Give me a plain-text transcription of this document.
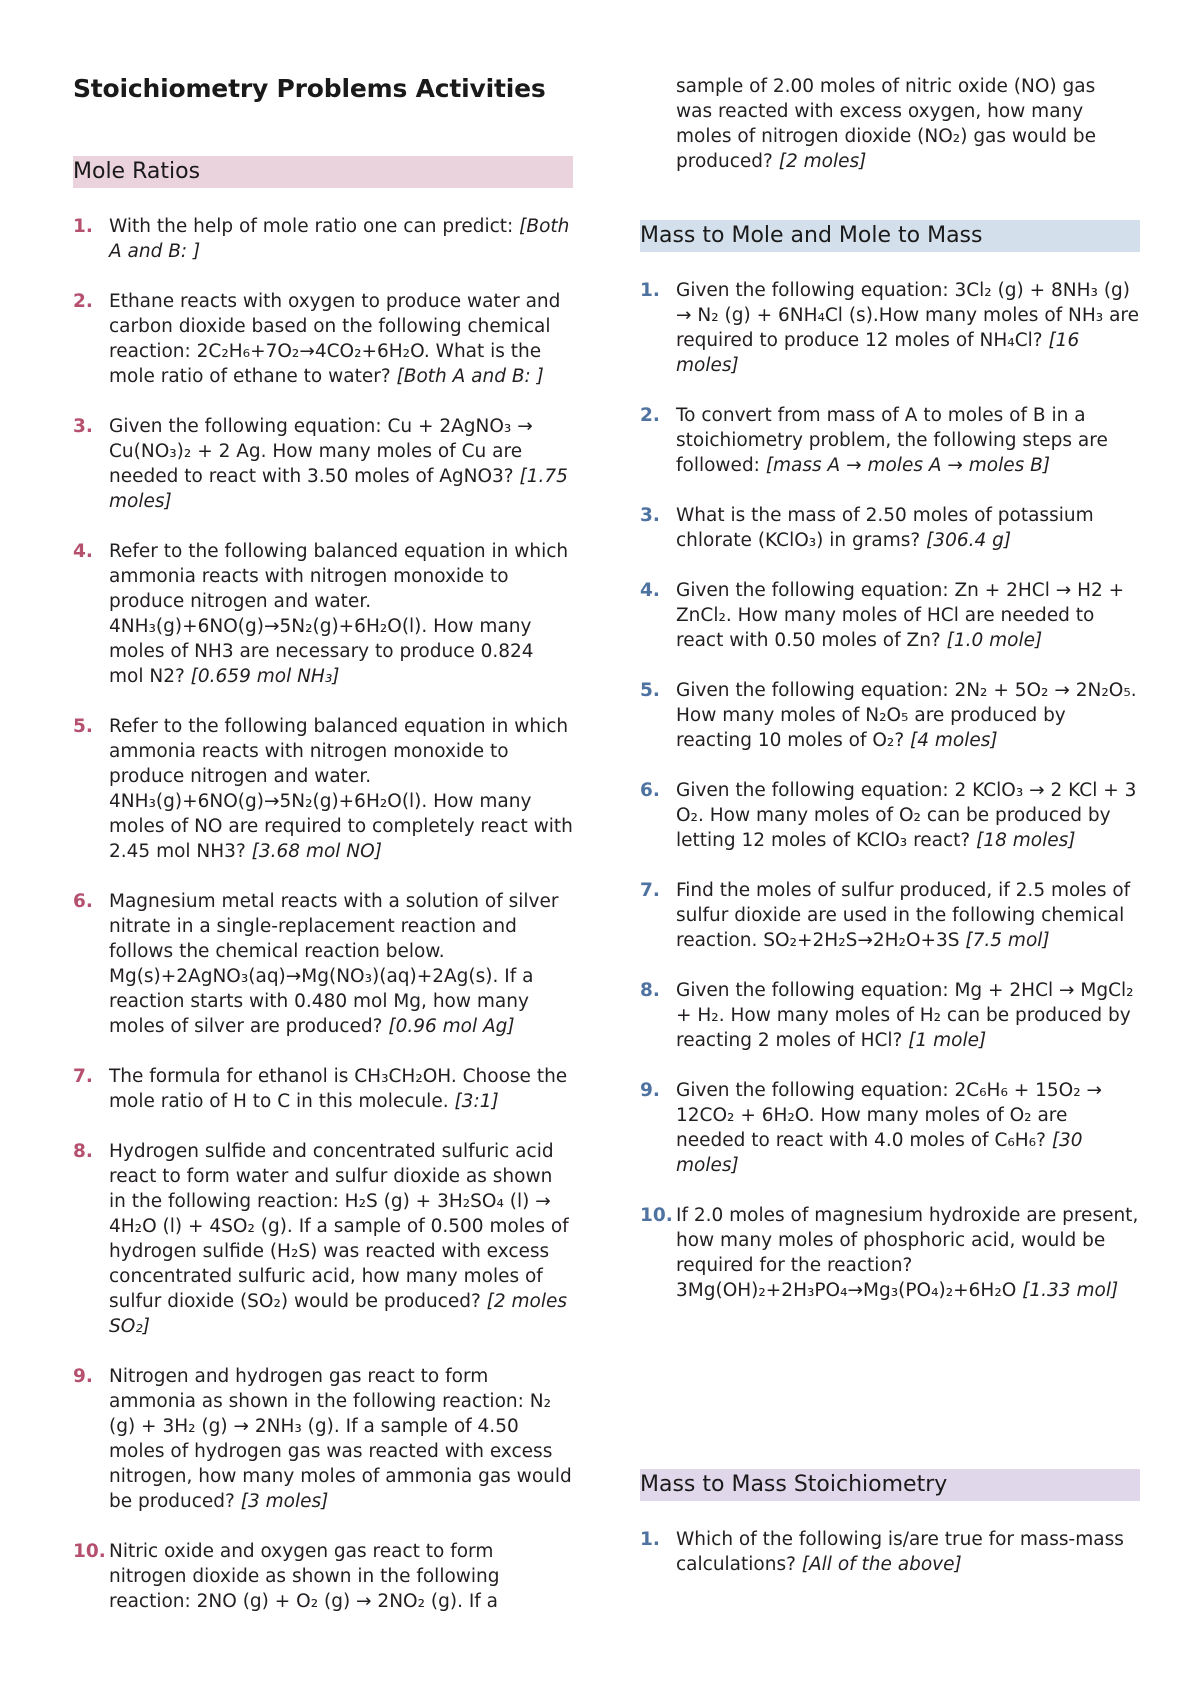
Stoichiometry Problems Activities
Mole Ratios
1. With the help of mole ratio one can predict: [Both A and B: ]
2. Ethane reacts with oxygen to produce water and carbon dioxide based on the following chemical reaction: 2C₂H₆+7O₂→4CO₂+6H₂O. What is the mole ratio of ethane to water? [Both A and B: ]
3. Given the following equation: Cu + 2AgNO₃ → Cu(NO₃)₂ + 2 Ag. How many moles of Cu are needed to react with 3.50 moles of AgNO3? [1.75 moles]
4. Refer to the following balanced equation in which ammonia reacts with nitrogen monoxide to produce nitrogen and water. 4NH₃(g)+6NO(g)→5N₂(g)+6H₂O(l). How many moles of NH3 are necessary to produce 0.824 mol N2? [0.659 mol NH₃]
5. Refer to the following balanced equation in which ammonia reacts with nitrogen monoxide to produce nitrogen and water. 4NH₃(g)+6NO(g)→5N₂(g)+6H₂O(l). How many moles of NO are required to completely react with 2.45 mol NH3? [3.68 mol NO]
6. Magnesium metal reacts with a solution of silver nitrate in a single-replacement reaction and follows the chemical reaction below. Mg(s)+2AgNO₃(aq)→Mg(NO₃)(aq)+2Ag(s). If a reaction starts with 0.480 mol Mg, how many moles of silver are produced? [0.96 mol Ag]
7. The formula for ethanol is CH₃CH₂OH. Choose the mole ratio of H to C in this molecule. [3:1]
8. Hydrogen sulfide and concentrated sulfuric acid react to form water and sulfur dioxide as shown in the following reaction: H₂S (g) + 3H₂SO₄ (l) → 4H₂O (l) + 4SO₂ (g). If a sample of 0.500 moles of hydrogen sulfide (H₂S) was reacted with excess concentrated sulfuric acid, how many moles of sulfur dioxide (SO₂) would be produced? [2 moles SO₂]
9. Nitrogen and hydrogen gas react to form ammonia as shown in the following reaction: N₂ (g) + 3H₂ (g) → 2NH₃ (g). If a sample of 4.50 moles of hydrogen gas was reacted with excess nitrogen, how many moles of ammonia gas would be produced? [3 moles]
10. Nitric oxide and oxygen gas react to form nitrogen dioxide as shown in the following reaction: 2NO (g) + O₂ (g) → 2NO₂ (g). If a
sample of 2.00 moles of nitric oxide (NO) gas was reacted with excess oxygen, how many moles of nitrogen dioxide (NO₂) gas would be produced? [2 moles]
Mass to Mole and Mole to Mass
1. Given the following equation: 3Cl₂ (g) + 8NH₃ (g) → N₂ (g) + 6NH₄Cl (s).How many moles of NH₃ are required to produce 12 moles of NH₄Cl? [16 moles]
2. To convert from mass of A to moles of B in a stoichiometry problem, the following steps are followed: [mass A → moles A → moles B]
3. What is the mass of 2.50 moles of potassium chlorate (KClO₃) in grams? [306.4 g]
4. Given the following equation: Zn + 2HCl → H2 + ZnCl₂. How many moles of HCl are needed to react with 0.50 moles of Zn? [1.0 mole]
5. Given the following equation: 2N₂ + 5O₂ → 2N₂O₅. How many moles of N₂O₅ are produced by reacting 10 moles of O₂? [4 moles]
6. Given the following equation: 2 KClO₃ → 2 KCl + 3 O₂. How many moles of O₂ can be produced by letting 12 moles of KClO₃ react? [18 moles]
7. Find the moles of sulfur produced, if 2.5 moles of sulfur dioxide are used in the following chemical reaction. SO₂+2H₂S→2H₂O+3S [7.5 mol]
8. Given the following equation: Mg + 2HCl → MgCl₂ + H₂. How many moles of H₂ can be produced by reacting 2 moles of HCl? [1 mole]
9. Given the following equation: 2C₆H₆ + 15O₂ → 12CO₂ + 6H₂O. How many moles of O₂ are needed to react with 4.0 moles of C₆H₆? [30 moles]
10. If 2.0 moles of magnesium hydroxide are present, how many moles of phosphoric acid, would be required for the reaction? 3Mg(OH)₂+2H₃PO₄→Mg₃(PO₄)₂+6H₂O [1.33 mol]
Mass to Mass Stoichiometry
1. Which of the following is/are true for mass-mass calculations? [All of the above]
